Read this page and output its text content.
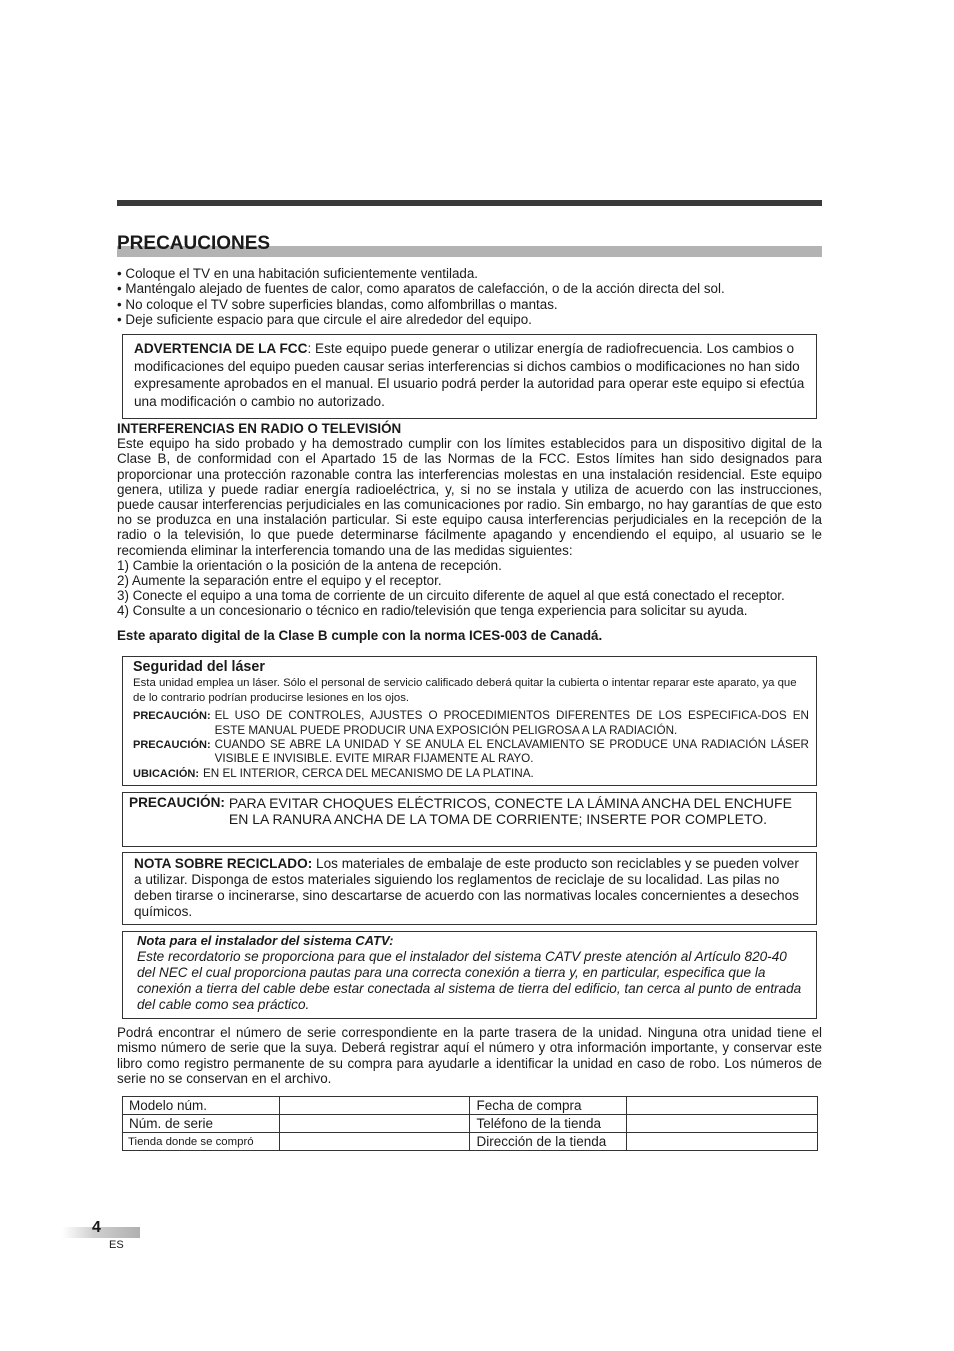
PRECAUCIONES
• Coloque el TV en una habitación suficientemente ventilada.
• Manténgalo alejado de fuentes de calor, como aparatos de calefacción, o de la acción directa del sol.
• No coloque el TV sobre superficies blandas, como alfombrillas o mantas.
• Deje suficiente espacio para que circule el aire alrededor del equipo.
ADVERTENCIA DE LA FCC: Este equipo puede generar o utilizar energía de radiofrecuencia. Los cambios o modificaciones del equipo pueden causar serias interferencias si dichos cambios o modificaciones no han sido expresamente aprobados en el manual. El usuario podrá perder la autoridad para operar este equipo si efectúa una modificación o cambio no autorizado.
INTERFERENCIAS EN RADIO O TELEVISIÓN
Este equipo ha sido probado y ha demostrado cumplir con los límites establecidos para un dispositivo digital de la Clase B, de conformidad con el Apartado 15 de las Normas de la FCC. Estos límites han sido designados para proporcionar una protección razonable contra las interferencias molestas en una instalación residencial. Este equipo genera, utiliza y puede radiar energía radioeléctrica, y, si no se instala y utiliza de acuerdo con las instrucciones, puede causar interferencias perjudiciales en las comunicaciones por radio. Sin embargo, no hay garantías de que esto no se produzca en una instalación particular. Si este equipo causa interferencias perjudiciales en la recepción de la radio o la televisión, lo que puede determinarse fácilmente apagando y encendiendo el equipo, al usuario se le recomienda eliminar la interferencia tomando una de las medidas siguientes:
1) Cambie la orientación o la posición de la antena de recepción.
2) Aumente la separación entre el equipo y el receptor.
3) Conecte el equipo a una toma de corriente de un circuito diferente de aquel al que está conectado el receptor.
4) Consulte a un concesionario o técnico en radio/televisión que tenga experiencia para solicitar su ayuda.
Este aparato digital de la Clase B cumple con la norma ICES-003 de Canadá.
Seguridad del láser
Esta unidad emplea un láser. Sólo el personal de servicio calificado deberá quitar la cubierta o intentar reparar este aparato, ya que de lo contrario podrían producirse lesiones en los ojos.
PRECAUCIÓN: EL USO DE CONTROLES, AJUSTES O PROCEDIMIENTOS DIFERENTES DE LOS ESPECIFICA-DOS EN ESTE MANUAL PUEDE PRODUCIR UNA EXPOSICIÓN PELIGROSA A LA RADIACIÓN.
PRECAUCIÓN: CUANDO SE ABRE LA UNIDAD Y SE ANULA EL ENCLAVAMIENTO SE PRODUCE UNA RADIACIÓN LÁSER VISIBLE E INVISIBLE. EVITE MIRAR FIJAMENTE AL RAYO.
UBICACIÓN: EN EL INTERIOR, CERCA DEL MECANISMO DE LA PLATINA.
PRECAUCIÓN: PARA EVITAR CHOQUES ELÉCTRICOS, CONECTE LA LÁMINA ANCHA DEL ENCHUFE EN LA RANURA ANCHA DE LA TOMA DE CORRIENTE; INSERTE POR COMPLETO.
NOTA SOBRE RECICLADO: Los materiales de embalaje de este producto son reciclables y se pueden volver a utilizar. Disponga de estos materiales siguiendo los reglamentos de reciclaje de su localidad. Las pilas no deben tirarse o incinerarse, sino descartarse de acuerdo con las normativas locales concernientes a desechos químicos.
Nota para el instalador del sistema CATV:
Este recordatorio se proporciona para que el instalador del sistema CATV preste atención al Artículo 820-40 del NEC el cual proporciona pautas para una correcta conexión a tierra y, en particular, especifica que la conexión a tierra del cable debe estar conectada al sistema de tierra del edificio, tan cerca al punto de entrada del cable como sea práctico.
Podrá encontrar el número de serie correspondiente en la parte trasera de la unidad. Ninguna otra unidad tiene el mismo número de serie que la suya. Deberá registrar aquí el número y otra información importante, y conservar este libro como registro permanente de su compra para ayudarle a identificar la unidad en caso de robo. Los números de serie no se conservan en el archivo.
Modelo núm.		Fecha de compra	
Núm. de serie		Teléfono de la tienda	
Tienda donde se compró		Dirección de la tienda	
4
ES
